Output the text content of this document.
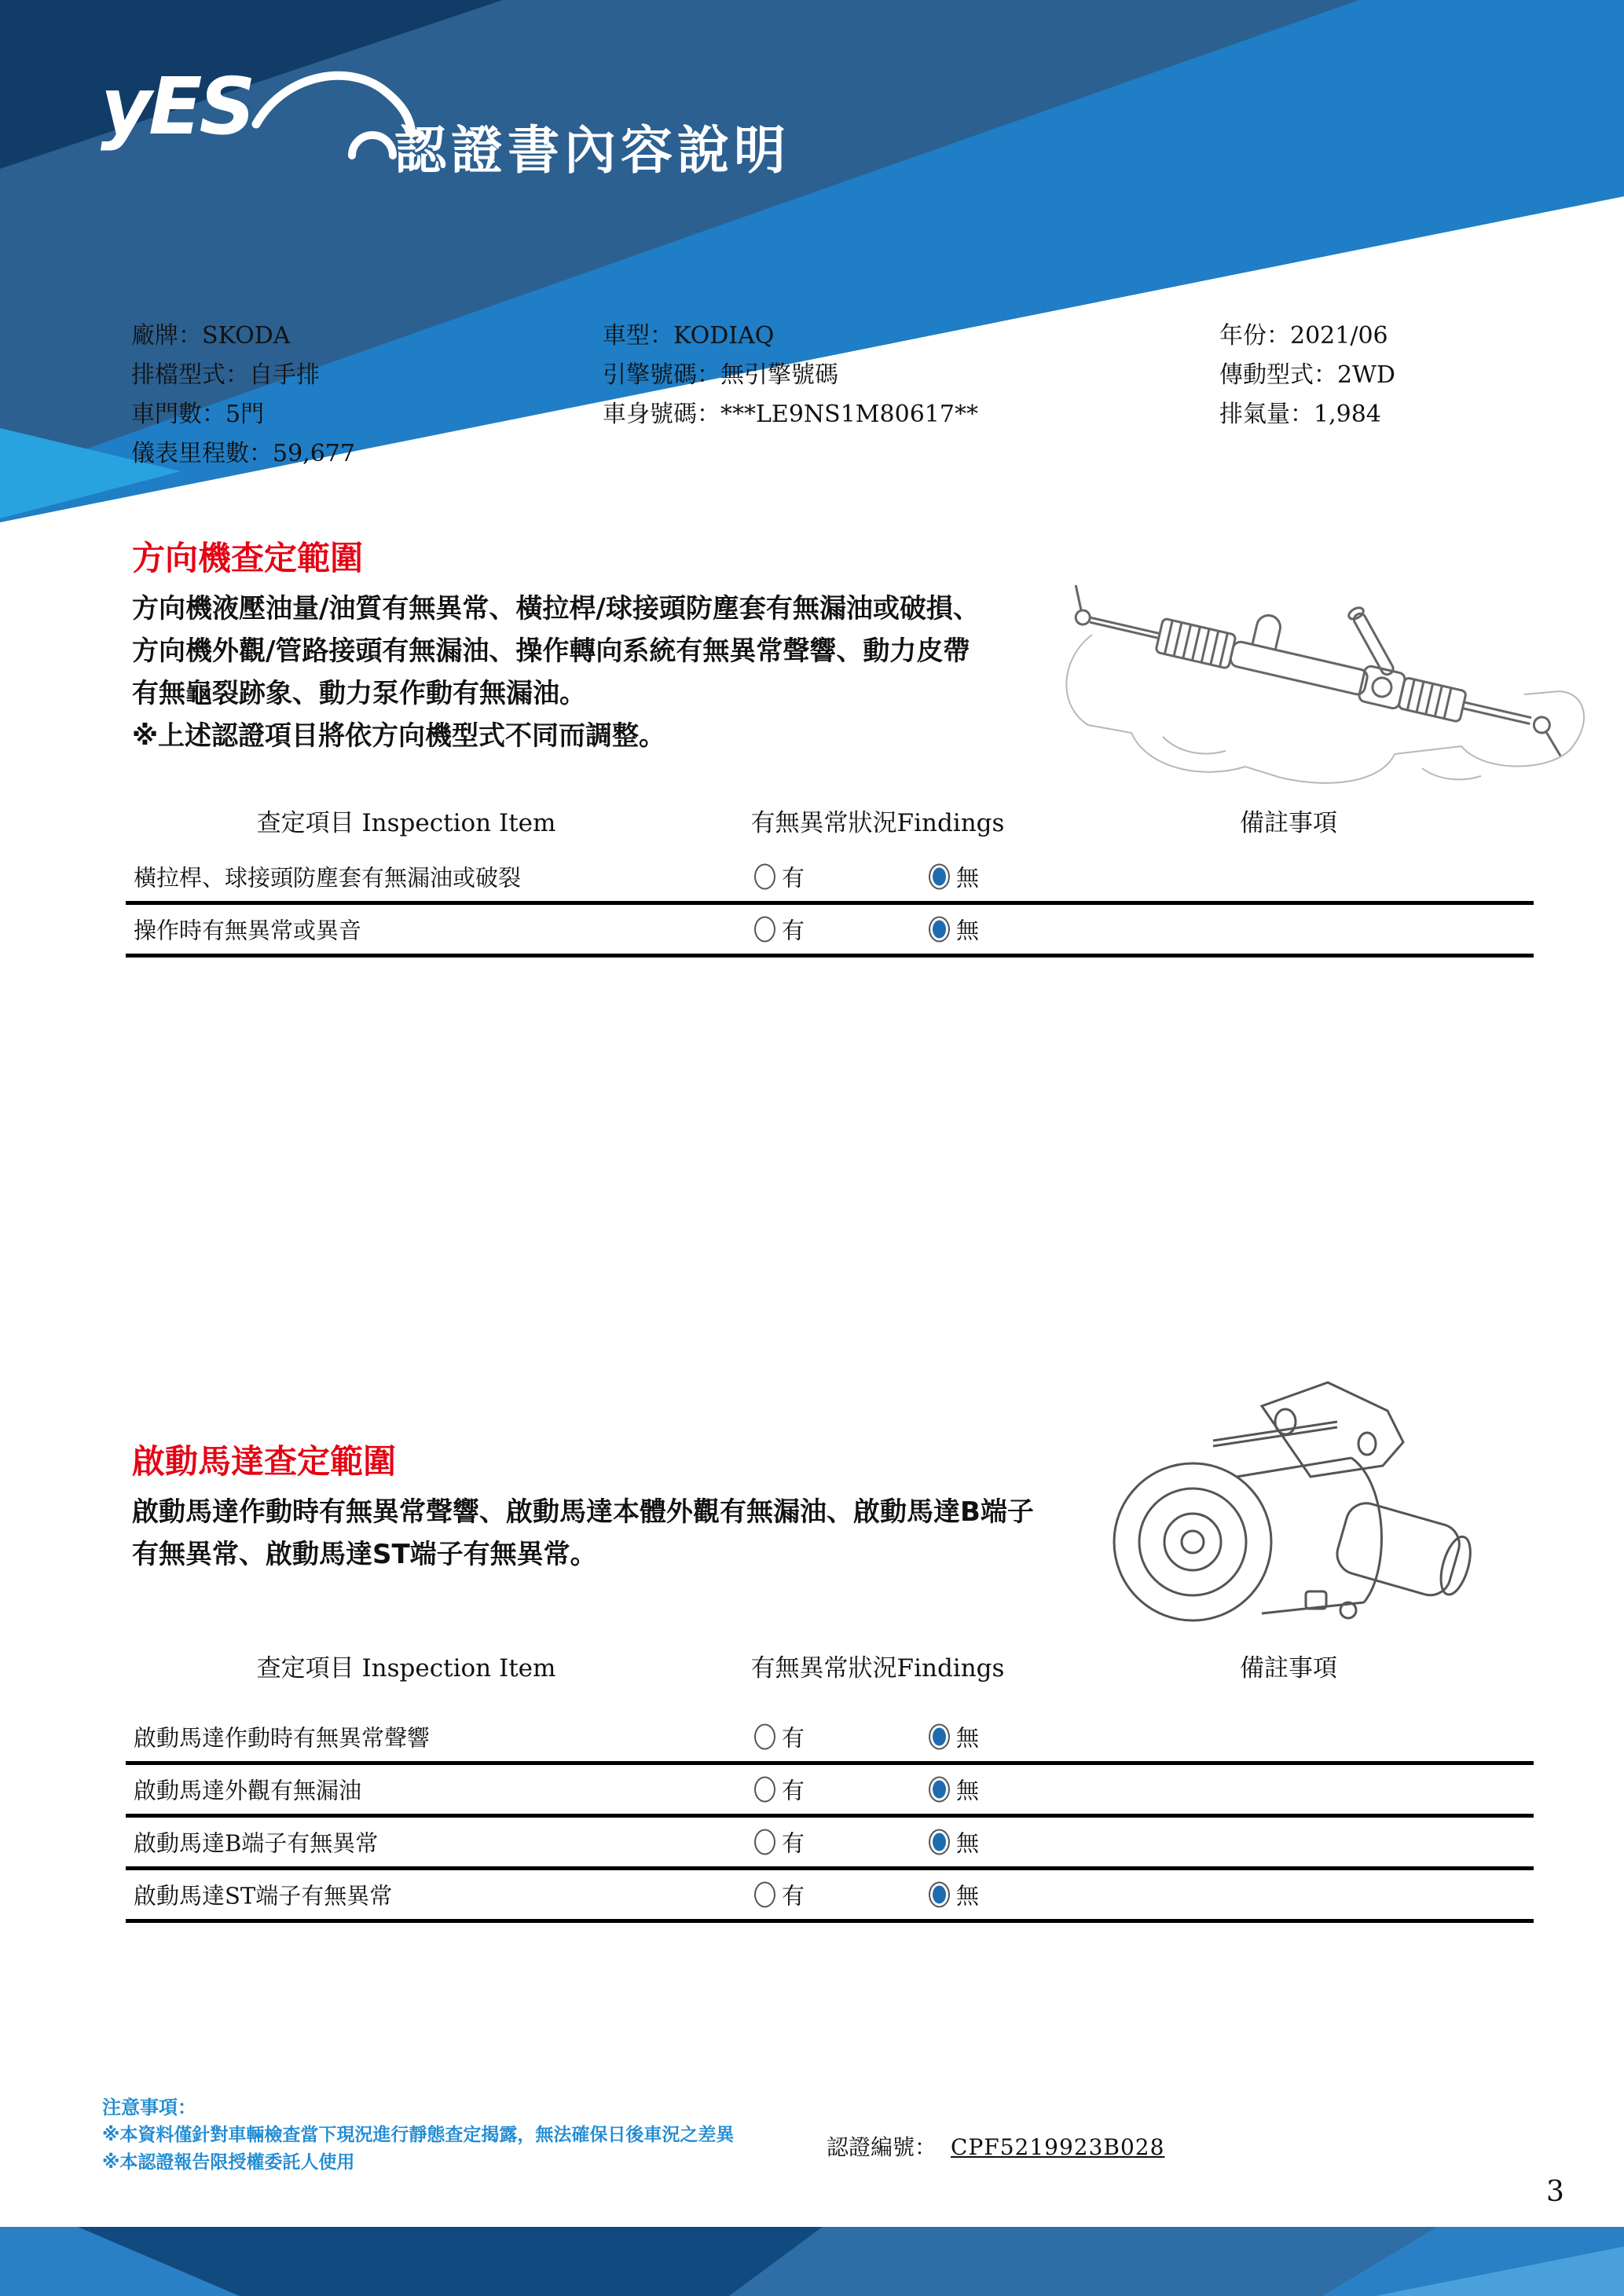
yES	認證書內容說明
廠牌：SKODA
排檔型式：自手排
車門數：5門
儀表里程數：59,677
車型：KODIAQ
引擎號碼：無引擎號碼
車身號碼：***LE9NS1M80617**
年份：2021/06
傳動型式：2WD
排氣量：1,984
方向機查定範圍
方向機液壓油量/油質有無異常、橫拉桿/球接頭防塵套有無漏油或破損、
方向機外觀/管路接頭有無漏油、操作轉向系統有無異常聲響、動力皮帶
有無龜裂跡象、動力泵作動有無漏油。
※上述認證項目將依方向機型式不同而調整。
查定項目 Inspection Item	有無異常狀況Findings	備註事項
橫拉桿、球接頭防塵套有無漏油或破裂	有	無
操作時有無異常或異音	有	無
啟動馬達查定範圍
啟動馬達作動時有無異常聲響、啟動馬達本體外觀有無漏油、啟動馬達B端子
有無異常、啟動馬達ST端子有無異常。
查定項目 Inspection Item	有無異常狀況Findings	備註事項
啟動馬達作動時有無異常聲響	有	無
啟動馬達外觀有無漏油	有	無
啟動馬達B端子有無異常	有	無
啟動馬達ST端子有無異常	有	無
注意事項：
※本資料僅針對車輛檢查當下現況進行靜態查定揭露，無法確保日後車況之差異
※本認證報告限授權委託人使用
認證編號： CPF5219923B028
3
